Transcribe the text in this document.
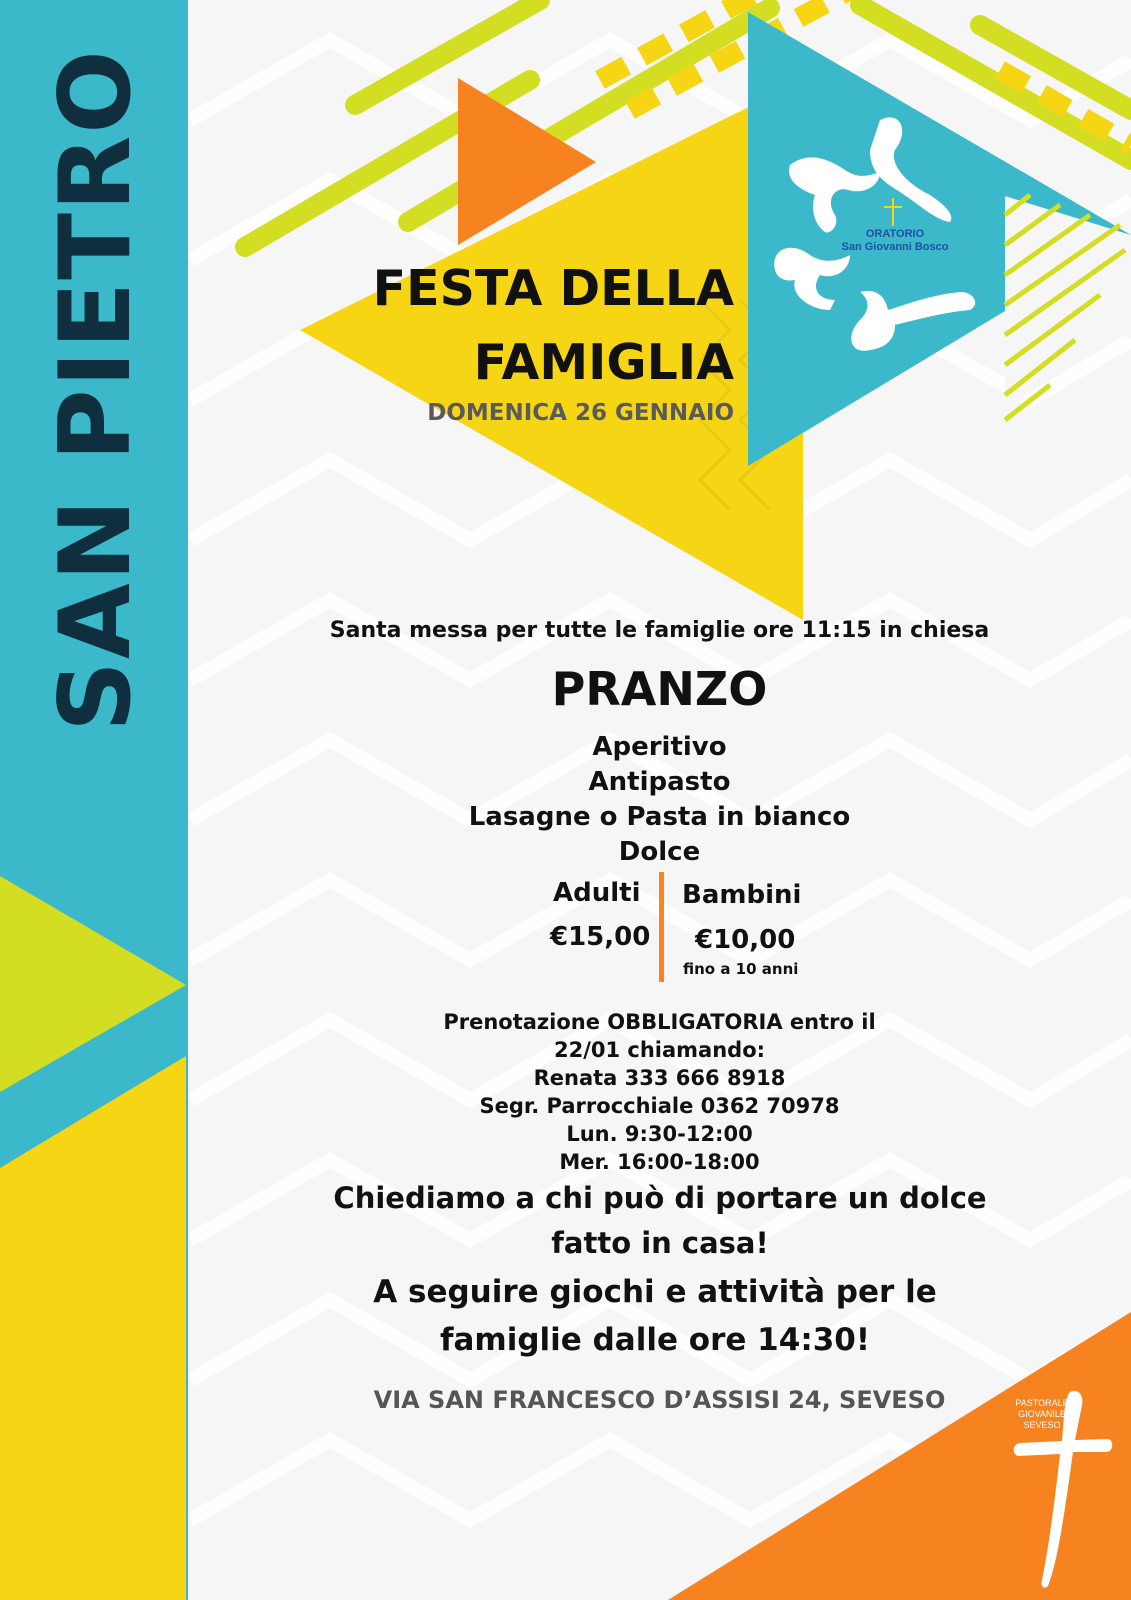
SAN PIETRO	FESTA DELLA
FAMIGLIA
DOMENICA 26 GENNAIO
ORATORIO
San Giovanni Bosco
Santa messa per tutte le famiglie ore 11:15 in chiesa
PRANZO
Aperitivo
Antipasto
Lasagne o Pasta in bianco
Dolce
Adulti
€15,00
Bambini
€10,00
fino a 10 anni
Prenotazione OBBLIGATORIA entro il
22/01 chiamando:
Renata 333 666 8918
Segr. Parrocchiale 0362 70978
Lun. 9:30-12:00
Mer. 16:00-18:00
Chiediamo a chi può di portare un dolce fatto in casa!
A seguire giochi e attività per le famiglie dalle ore 14:30!
VIA SAN FRANCESCO D’ASSISI 24, SEVESO	PASTORALE
GIOVANILE
SEVESO
